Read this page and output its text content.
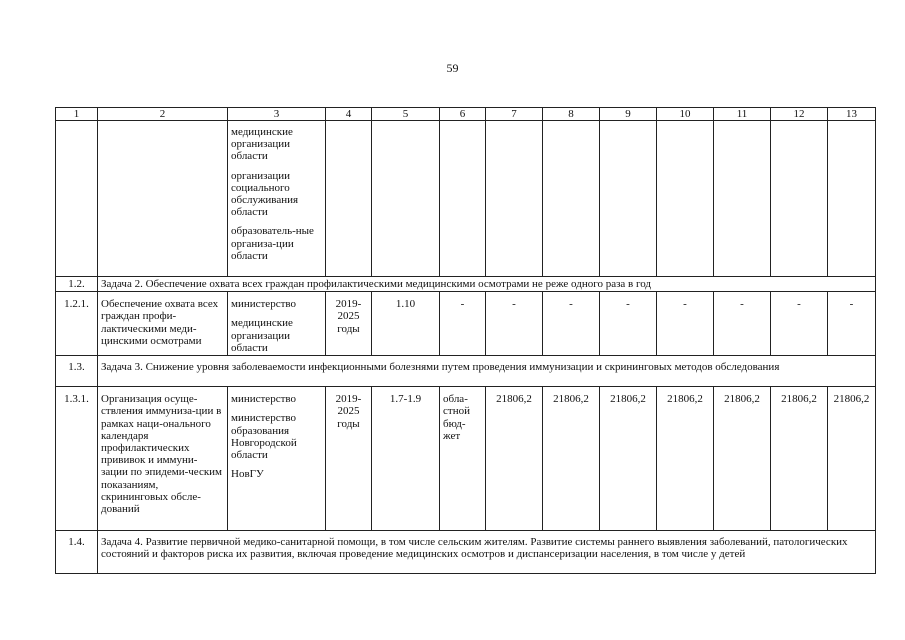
59
1	2	3	4	5	6	7	8	9	10	11	12	13

		медицинские организации области
организации социального обслуживания области
образователь-ные организа-ции области										

1.2.	Задача 2. Обеспечение охвата всех граждан профилактическими медицинскими осмотрами не реже одного раза в год											
1.2.1.	Обеспечение охвата всех граждан профи-лактическими меди-цинскими осмотрами	министерство
медицинские организации области	2019-2025 годы	1.10	-	-	-	-	-	-	-	-
1.3.	Задача 3. Снижение уровня заболеваемости инфекционными болезнями путем проведения иммунизации и скрининговых методов обследования											
1.3.1.	Организация осуще-ствления иммуниза-ции в рамках наци-онального календаря профилактических прививок и иммуни-зации по эпидеми-ческим показаниям, скрининговых обсле-дований	министерство
министерство образования Новгородской области
НовГУ	2019-2025 годы	1.7-1.9	обла-стной бюд-жет	21806,2	21806,2	21806,2	21806,2	21806,2	21806,2	21806,2
1.4.	Задача 4. Развитие первичной медико-санитарной помощи, в том числе сельским жителям. Развитие системы раннего выявления заболеваний, патологических состояний и факторов риска их развития, включая проведение медицинских осмотров и диспансеризации населения, в том числе у детей											
